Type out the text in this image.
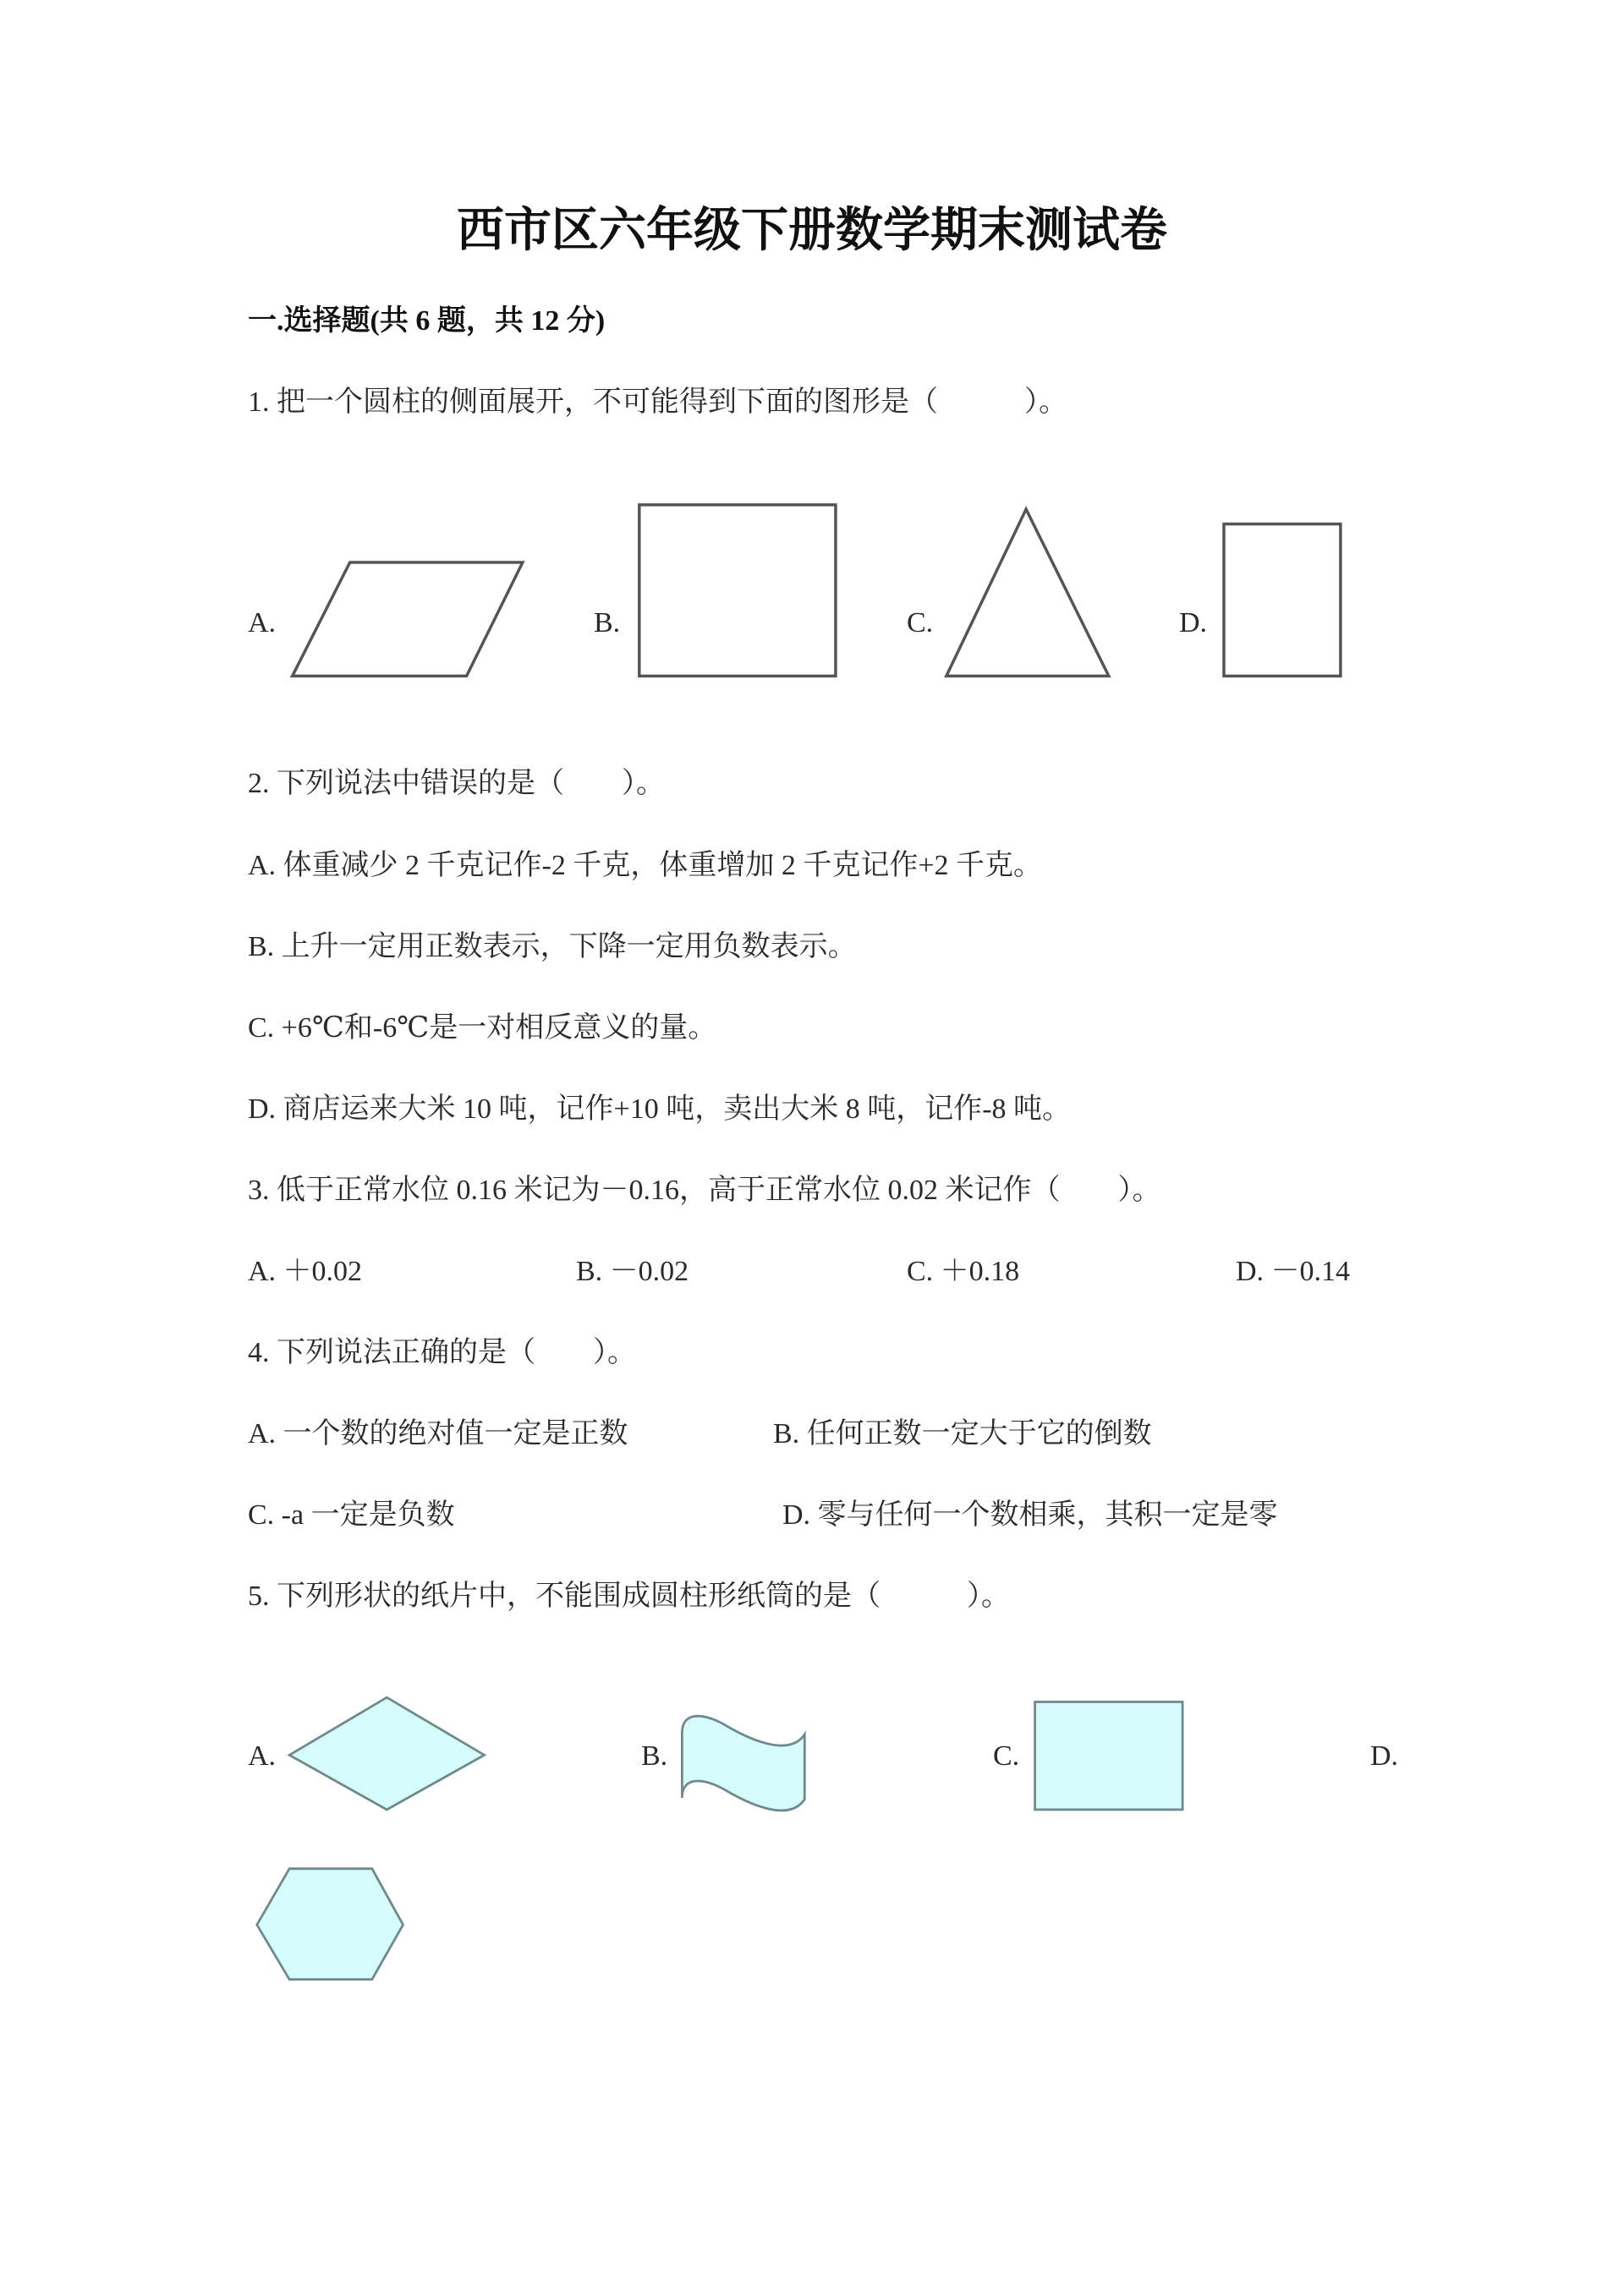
西市区六年级下册数学期末测试卷
一.选择题(共 6 题，共 12 分)
1. 把一个圆柱的侧面展开，不可能得到下面的图形是（　　　）。
A.	B.	C.	D.
2. 下列说法中错误的是（　　）。
A. 体重减少 2 千克记作-2 千克，体重增加 2 千克记作+2 千克。
B. 上升一定用正数表示，下降一定用负数表示。
C. +6℃和-6℃是一对相反意义的量。
D. 商店运来大米 10 吨，记作+10 吨，卖出大米 8 吨，记作-8 吨。
3. 低于正常水位 0.16 米记为－0.16，高于正常水位 0.02 米记作（　　）。
A. ＋0.02	B. －0.02	C. ＋0.18	D. －0.14
4. 下列说法正确的是（　　）。
A. 一个数的绝对值一定是正数	B. 任何正数一定大于它的倒数
C. -a 一定是负数	D. 零与任何一个数相乘，其积一定是零
5. 下列形状的纸片中，不能围成圆柱形纸筒的是（　　　）。
A.	B.	C.	D.
